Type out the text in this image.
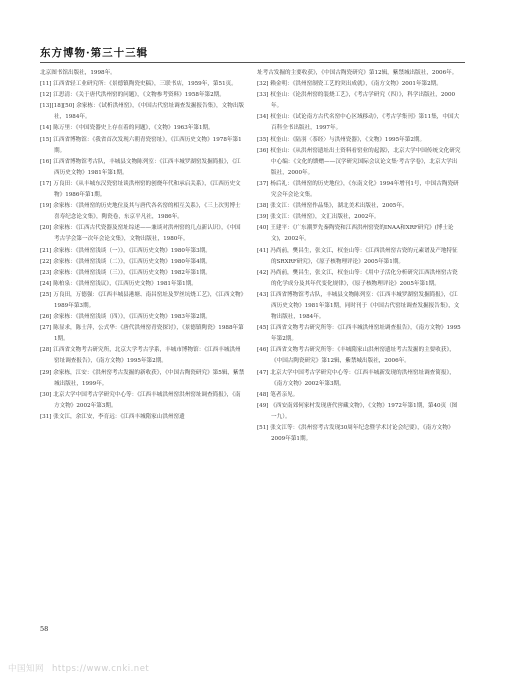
东方博物·第三十三辑

北京图书馆出版社，1998年。

[11] 江西省轻工业研究所：《景德镇陶瓷史稿》，三联书店，1959年，第51页。

[12] 江思清：《关于唐代洪州窑的问题》，《文物参考资料》1958年第2期。

[13][18][50] 余家栋：《试析洪州窑》，《中国古代窑址调查发掘报告集》，文物出版社，1984年。

[14] 陈万里：《中国瓷器史上存在着的问题》，《文物》1963年第1期。

[15] 江西省博物馆：《我省首次发现六朝青瓷窑址》，《江西历史文物》1978年第1期。

[16] 江西省博物馆考古队，丰城县文物陈列室：《江西丰城罗湖窑发掘简报》，《江西历史文物》1981年第1期。

[17] 万良田：《从丰城东汉瓷窑址谈洪州窑的创烧年代和承启关系》，《江西历史文物》1986年第1期。

[19] 余家栋：《洪州窑的历史地位及其与唐代各名窑的相互关系》，《三上次男博士喜寿纪念论文集》，陶瓷卷，东京平凡社，1986年。

[20] 余家栋：《江西古代瓷器及窑址综述——兼谈对洪州窑的几点新认识》，《中国考古学会第一次年会论文集》，文物出版社，1980年。

[21] 余家栋：《洪州窑浅谈（一）》，《江西历史文物》1980年第3期。

[22] 余家栋：《洪州窑浅谈（二）》，《江西历史文物》1980年第4期。

[23] 余家栋：《洪州窑浅谈（三）》，《江西历史文物》1982年第1期。

[24] 陈柏泉：《洪州窑浅议》，《江西历史文物》1981年第1期。

[25] 万良田，万德强：《江西丰城县港塘、南昌窑址及罗丝坑烧工艺》，《江西文物》1989年第3期。

[26] 余家栋：《洪州窑浅谈（四）》，《江西历史文物》1983年第2期。

[27] 陈显求，陈士萍，公式华：《唐代洪州窑青瓷探讨》，《景德镇陶瓷》1988年第1期。

[28] 江西省文物考古研究所，北京大学考古学系，丰城市博物馆：《江西丰城洪州窑址调查报告》，《南方文物》1995年第2期。

[29] 余家栋，江安：《洪州窑考古发掘的新收获》，《中国古陶瓷研究》第5辑，紫禁城出版社，1999年。

[30] 北京大学中国考古学研究中心等：《江西丰城洪州窑洪州窑址调查简报》，《南方文物》2002年第3期。

[31] 张文江，余江安，李育远：《江西丰城隋家山洪州窑遗

址考古发掘的主要收获》，《中国古陶瓷研究》第12辑，紫禁城出版社，2006年。

[32] 赖金明：《洪州窑制瓷工艺的突出成就》，《南方文物》2001年第2期。

[33] 权奎山：《论洪州窑的装烧工艺》，《考古学研究（四）》，科学出版社，2000年。

[34] 权奎山：《试论南方古代名窑中心区域移动》，《考古学集刊》第11集，中国大百科全书出版社，1997年。

[35] 权奎山：《陆羽〈茶经〉与洪州瓷器》，《文物》1995年第2期。

[36] 权奎山：《从洪州窑遗址出土资料看窑业的起源》，北京大学中国传统文化研究中心编：《文化的馈赠——汉学研究国际会议论文集·考古学卷》，北京大学出版社，2000年。

[37] 杨后礼：《洪州窑的历史地位》，《东南文化》1994年增刊1号，中国古陶瓷研究会年会论文集。

[38] 张文江：《洪州窑作品集》，湖北美术出版社，2005年。

[39] 张文江：《洪州窑》，文汇出版社，2002年。

[40] 王建平：《广东潮罗先秦陶瓷和江西洪州窑瓷的INAA和XRF研究》(博士论文)，2002年。

[41] 冯尚前，樊昌生，张文江，权奎山等：《江西洪州窑古瓷的元素谱及产地特征的SRXRF研究》，《原子核物理评论》2005年第1期。

[42] 冯尚前，樊昌生，张文江，权奎山等：《用中子活化分析研究江西洪州窑古瓷的化学成分及其年代变化规律》，《原子核物理评论》2005年第1期。

[43] 江西省博物馆考古队，丰城县文物陈列室：《江西丰城罗湖窑发掘简报》，《江西历史文物》1981年第1期，同时刊于《中国古代窑址调查发掘报告集》，文物出版社，1984年。

[45] 江西省文物考古研究所等：《江西丰城洪州窑址调查报告》，《南方文物》1995年第2期。

[46] 江西省文物考古研究所等：《丰城隋家山洪州窑遗址考古发掘的主要收获》，《中国古陶瓷研究》第12辑，紫禁城出版社，2006年。

[47] 北京大学中国考古学研究中心等：《江西丰城新发现的洪州窑址调查简报》，《南方文物》2002年第3期。

[48] 笔者亲见。

[49] 《西安南郊何家村发现唐代窖藏文物》，《文物》1972年第1期，第40页（图一九）。

[51] 张文江等：《洪州窑考古发现30周年纪念暨学术讨论会纪要》，《南方文物》2009年第1期。

58
中国知网 https://www.cnki.net
